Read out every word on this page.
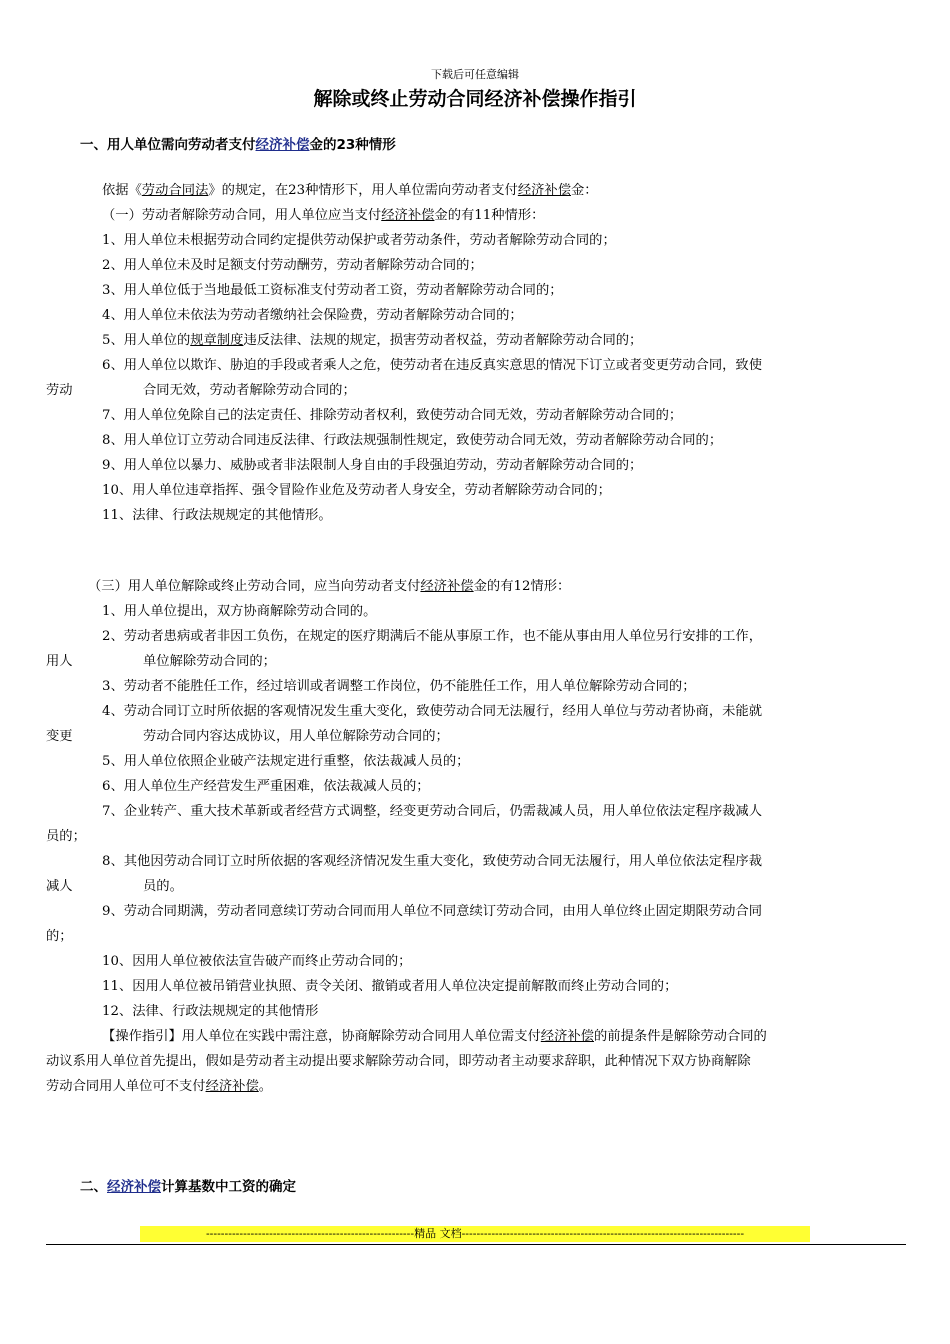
下载后可任意编辑
解除或终止劳动合同经济补偿操作指引
一、用人单位需向劳动者支付经济补偿金的23种情形
依据《劳动合同法》的规定，在23种情形下，用人单位需向劳动者支付经济补偿金：
（一）劳动者解除劳动合同，用人单位应当支付经济补偿金的有11种情形：
1、用人单位未根据劳动合同约定提供劳动保护或者劳动条件，劳动者解除劳动合同的；
2、用人单位未及时足额支付劳动酬劳，劳动者解除劳动合同的；
3、用人单位低于当地最低工资标准支付劳动者工资，劳动者解除劳动合同的；
4、用人单位未依法为劳动者缴纳社会保险费，劳动者解除劳动合同的；
5、用人单位的规章制度违反法律、法规的规定，损害劳动者权益，劳动者解除劳动合同的；
6、用人单位以欺诈、胁迫的手段或者乘人之危，使劳动者在违反真实意思的情况下订立或者变更劳动合同，致使
劳动	合同无效，劳动者解除劳动合同的；
7、用人单位免除自己的法定责任、排除劳动者权利，致使劳动合同无效，劳动者解除劳动合同的；
8、用人单位订立劳动合同违反法律、行政法规强制性规定，致使劳动合同无效，劳动者解除劳动合同的；
9、用人单位以暴力、威胁或者非法限制人身自由的手段强迫劳动，劳动者解除劳动合同的；
10、用人单位违章指挥、强令冒险作业危及劳动者人身安全，劳动者解除劳动合同的；
11、法律、行政法规规定的其他情形。
（三）用人单位解除或终止劳动合同，应当向劳动者支付经济补偿金的有12情形：
1、用人单位提出，双方协商解除劳动合同的。
2、劳动者患病或者非因工负伤，在规定的医疗期满后不能从事原工作，也不能从事由用人单位另行安排的工作，
用人	单位解除劳动合同的；
3、劳动者不能胜任工作，经过培训或者调整工作岗位，仍不能胜任工作，用人单位解除劳动合同的；
4、劳动合同订立时所依据的客观情况发生重大变化，致使劳动合同无法履行，经用人单位与劳动者协商，未能就
变更	劳动合同内容达成协议，用人单位解除劳动合同的；
5、用人单位依照企业破产法规定进行重整，依法裁减人员的；
6、用人单位生产经营发生严重困难，依法裁减人员的；
7、企业转产、重大技术革新或者经营方式调整，经变更劳动合同后，仍需裁减人员，用人单位依法定程序裁减人
员的；
8、其他因劳动合同订立时所依据的客观经济情况发生重大变化，致使劳动合同无法履行，用人单位依法定程序裁
减人	员的。
9、劳动合同期满，劳动者同意续订劳动合同而用人单位不同意续订劳动合同，由用人单位终止固定期限劳动合同
的；
10、因用人单位被依法宣告破产而终止劳动合同的；
11、因用人单位被吊销营业执照、责令关闭、撤销或者用人单位决定提前解散而终止劳动合同的；
12、法律、行政法规规定的其他情形
【操作指引】用人单位在实践中需注意，协商解除劳动合同用人单位需支付经济补偿的前提条件是解除劳动合同的
动议系用人单位首先提出，假如是劳动者主动提出要求解除劳动合同，即劳动者主动要求辞职，此种情况下双方协商解除
劳动合同用人单位可不支付经济补偿。
二、经济补偿计算基数中工资的确定
--------------------------------------------------------精品 文档----------------------------------------------------------------------------
